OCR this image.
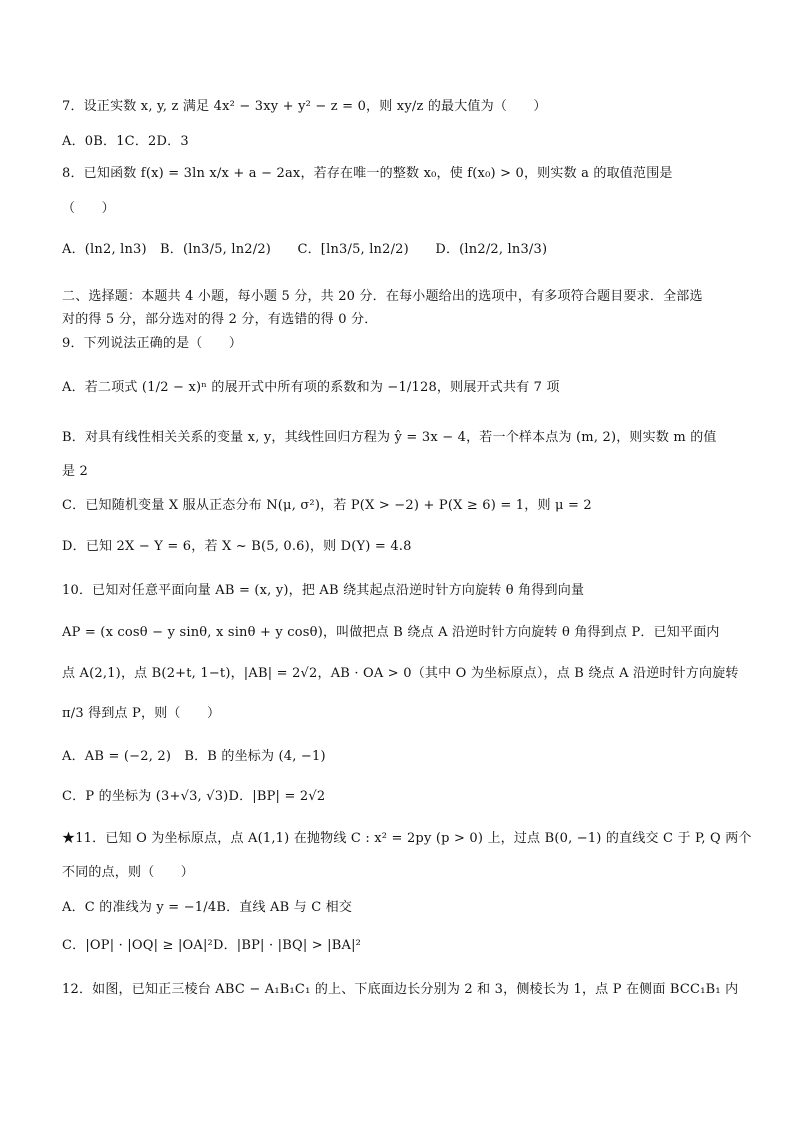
7．设正实数 x, y, z 满足 4x² − 3xy + y² − z = 0，则 xy/z 的最大值为（　　）
A．0B．1C．2D．3
8．已知函数 f(x) = 3ln x/x + a − 2ax，若存在唯一的整数 x₀，使 f(x₀) > 0，则实数 a 的取值范围是
（　　）
A．(ln2, ln3)　B．(ln3/5, ln2/2)　　C．[ln3/5, ln2/2)　　D．(ln2/2, ln3/3)
二、选择题：本题共 4 小题，每小题 5 分，共 20 分．在每小题给出的选项中，有多项符合题目要求．全部选
对的得 5 分，部分选对的得 2 分，有选错的得 0 分．
9．下列说法正确的是（　　）
A．若二项式 (1/2 − x)ⁿ 的展开式中所有项的系数和为 −1/128，则展开式共有 7 项
B．对具有线性相关关系的变量 x, y，其线性回归方程为 ŷ = 3x − 4，若一个样本点为 (m, 2)，则实数 m 的值
是 2
C．已知随机变量 X 服从正态分布 N(μ, σ²)，若 P(X > −2) + P(X ≥ 6) = 1，则 μ = 2
D．已知 2X − Y = 6，若 X ~ B(5, 0.6)，则 D(Y) = 4.8
10．已知对任意平面向量 AB = (x, y)，把 AB 绕其起点沿逆时针方向旋转 θ 角得到向量
AP = (x cosθ − y sinθ, x sinθ + y cosθ)，叫做把点 B 绕点 A 沿逆时针方向旋转 θ 角得到点 P．已知平面内
点 A(2,1)，点 B(2+t, 1−t)，|AB| = 2√2，AB · OA > 0（其中 O 为坐标原点），点 B 绕点 A 沿逆时针方向旋转
π/3 得到点 P，则（　　）
A．AB = (−2, 2)　B．B 的坐标为 (4, −1)
C．P 的坐标为 (3+√3, √3)D．|BP| = 2√2
★11．已知 O 为坐标原点，点 A(1,1) 在抛物线 C : x² = 2py (p > 0) 上，过点 B(0, −1) 的直线交 C 于 P, Q 两个
不同的点，则（　　）
A．C 的准线为 y = −1/4B．直线 AB 与 C 相交
C．|OP| · |OQ| ≥ |OA|²D．|BP| · |BQ| > |BA|²
12．如图，已知正三棱台 ABC − A₁B₁C₁ 的上、下底面边长分别为 2 和 3，侧棱长为 1，点 P 在侧面 BCC₁B₁ 内
